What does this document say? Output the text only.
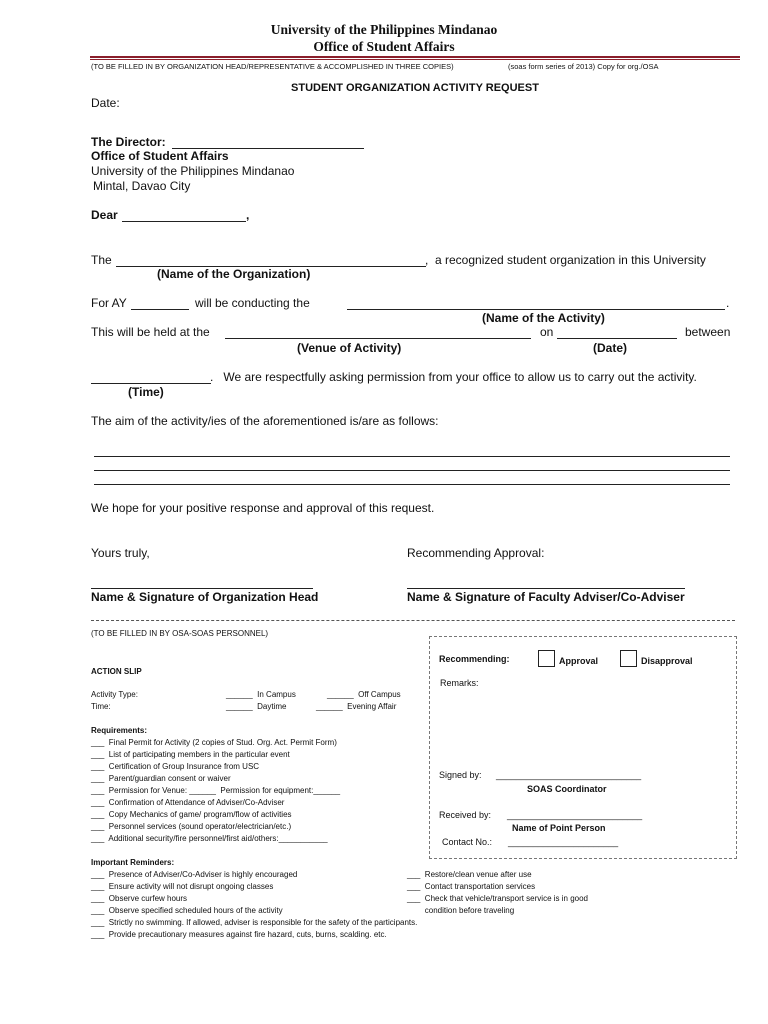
University of the Philippines Mindanao
Office of Student Affairs
(TO BE FILLED IN BY ORGANIZATION HEAD/REPRESENTATIVE & ACCOMPLISHED IN THREE COPIES)	(soas form series of 2013) Copy for org./OSA
STUDENT ORGANIZATION ACTIVITY REQUEST
Date:
The Director:
Office of Student Affairs
University of the Philippines Mindanao
Mintal, Davao City
Dear	,
The	,  a recognized student organization in this University
(Name of the Organization)
For AY	will be conducting the	.
(Name of the Activity)
This will be held at the	on	between
(Venue of Activity)	(Date)
.   We are respectfully asking permission from your office to allow us to carry out the activity.
(Time)
The aim of the activity/ies of the aforementioned is/are as follows:
We hope for your positive response and approval of this request.
Yours truly,	Recommending Approval:
Name & Signature of Organization Head	Name & Signature of Faculty Adviser/Co-Adviser
(TO BE FILLED IN BY OSA-SOAS PERSONNEL)
ACTION SLIP
Activity Type:	______  In Campus	______  Off Campus
Time:	______  Daytime	______  Evening Affair
Requirements:
___  Final Permit for Activity (2 copies of Stud. Org. Act. Permit Form)
___  List of participating members in the particular event
___  Certification of Group Insurance from USC
___  Parent/guardian consent or waiver
___  Permission for Venue: ______  Permission for equipment:______
___  Confirmation of Attendance of Adviser/Co-Adviser
___  Copy Mechanics of game/ program/flow of activities
___  Personnel services (sound operator/electrician/etc.)
___  Additional security/fire personnel/first aid/others:___________
Important Reminders:
___  Presence of Adviser/Co-Adviser is highly encouraged
___  Ensure activity will not disrupt ongoing classes
___  Observe curfew hours
___  Observe specified scheduled hours of the activity
___  Strictly no swimming. If allowed, adviser is responsible for the safety of the participants.
___  Provide precautionary measures against fire hazard, cuts, burns, scalding. etc.
___  Restore/clean venue after use
___  Contact transportation services
___  Check that vehicle/transport service is in good
condition before traveling
Recommending:	Approval	Disapproval
Remarks:
Signed by: _____________________________
SOAS Coordinator
Received by: ___________________________
Name of Point Person
Contact No.: ______________________
